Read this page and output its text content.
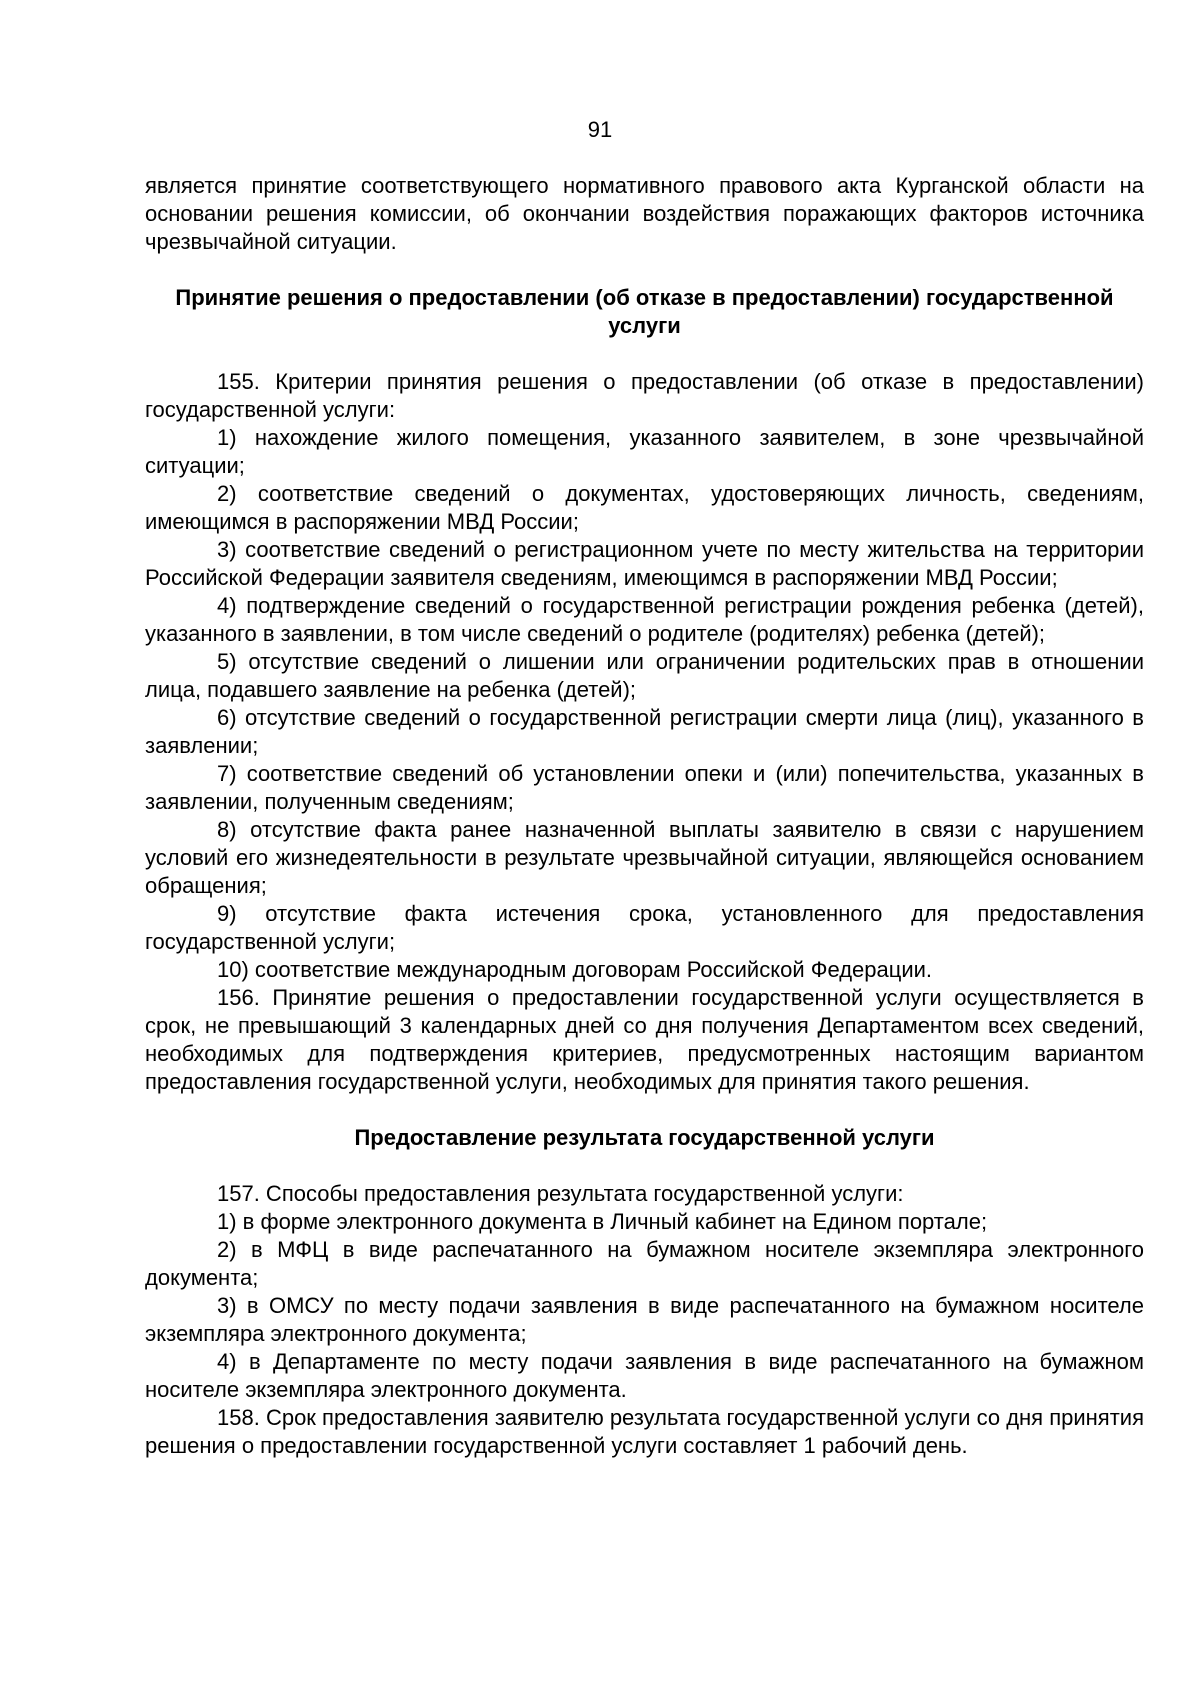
91

является принятие соответствующего нормативного правового акта Курганской области на основании решения комиссии, об окончании воздействия поражающих факторов источника чрезвычайной ситуации.

Принятие решения о предоставлении (об отказе в предоставлении) государственной услуги

155. Критерии принятия решения о предоставлении (об отказе в предоставлении) государственной услуги:

1) нахождение жилого помещения, указанного заявителем, в зоне чрезвычайной ситуации;

2) соответствие сведений о документах, удостоверяющих личность, сведениям, имеющимся в распоряжении МВД России;

3) соответствие сведений о регистрационном учете по месту жительства на территории Российской Федерации заявителя сведениям, имеющимся в распоряжении МВД России;

4) подтверждение сведений о государственной регистрации рождения ребенка (детей), указанного в заявлении, в том числе сведений о родителе (родителях) ребенка (детей);

5) отсутствие сведений о лишении или ограничении родительских прав в отношении лица, подавшего заявление на ребенка (детей);

6) отсутствие сведений о государственной регистрации смерти лица (лиц), указанного в заявлении;

7) соответствие сведений об установлении опеки и (или) попечительства, указанных в заявлении, полученным сведениям;

8) отсутствие факта ранее назначенной выплаты заявителю в связи с нарушением условий его жизнедеятельности в результате чрезвычайной ситуации, являющейся основанием обращения;

9) отсутствие факта истечения срока, установленного для предоставления государственной услуги;

10) соответствие международным договорам Российской Федерации.

156. Принятие решения о предоставлении государственной услуги осуществляется в срок, не превышающий 3 календарных дней со дня получения Департаментом всех сведений, необходимых для подтверждения критериев, предусмотренных настоящим вариантом предоставления государственной услуги, необходимых для принятия такого решения.

Предоставление результата государственной услуги

157. Способы предоставления результата государственной услуги:

1) в форме электронного документа в Личный кабинет на Едином портале;

2) в МФЦ в виде распечатанного на бумажном носителе экземпляра электронного документа;

3) в ОМСУ по месту подачи заявления в виде распечатанного на бумажном носителе экземпляра электронного документа;

4) в Департаменте по месту подачи заявления в виде распечатанного на бумажном носителе экземпляра электронного документа.

158. Срок предоставления заявителю результата государственной услуги со дня принятия решения о предоставлении государственной услуги составляет 1 рабочий день.
